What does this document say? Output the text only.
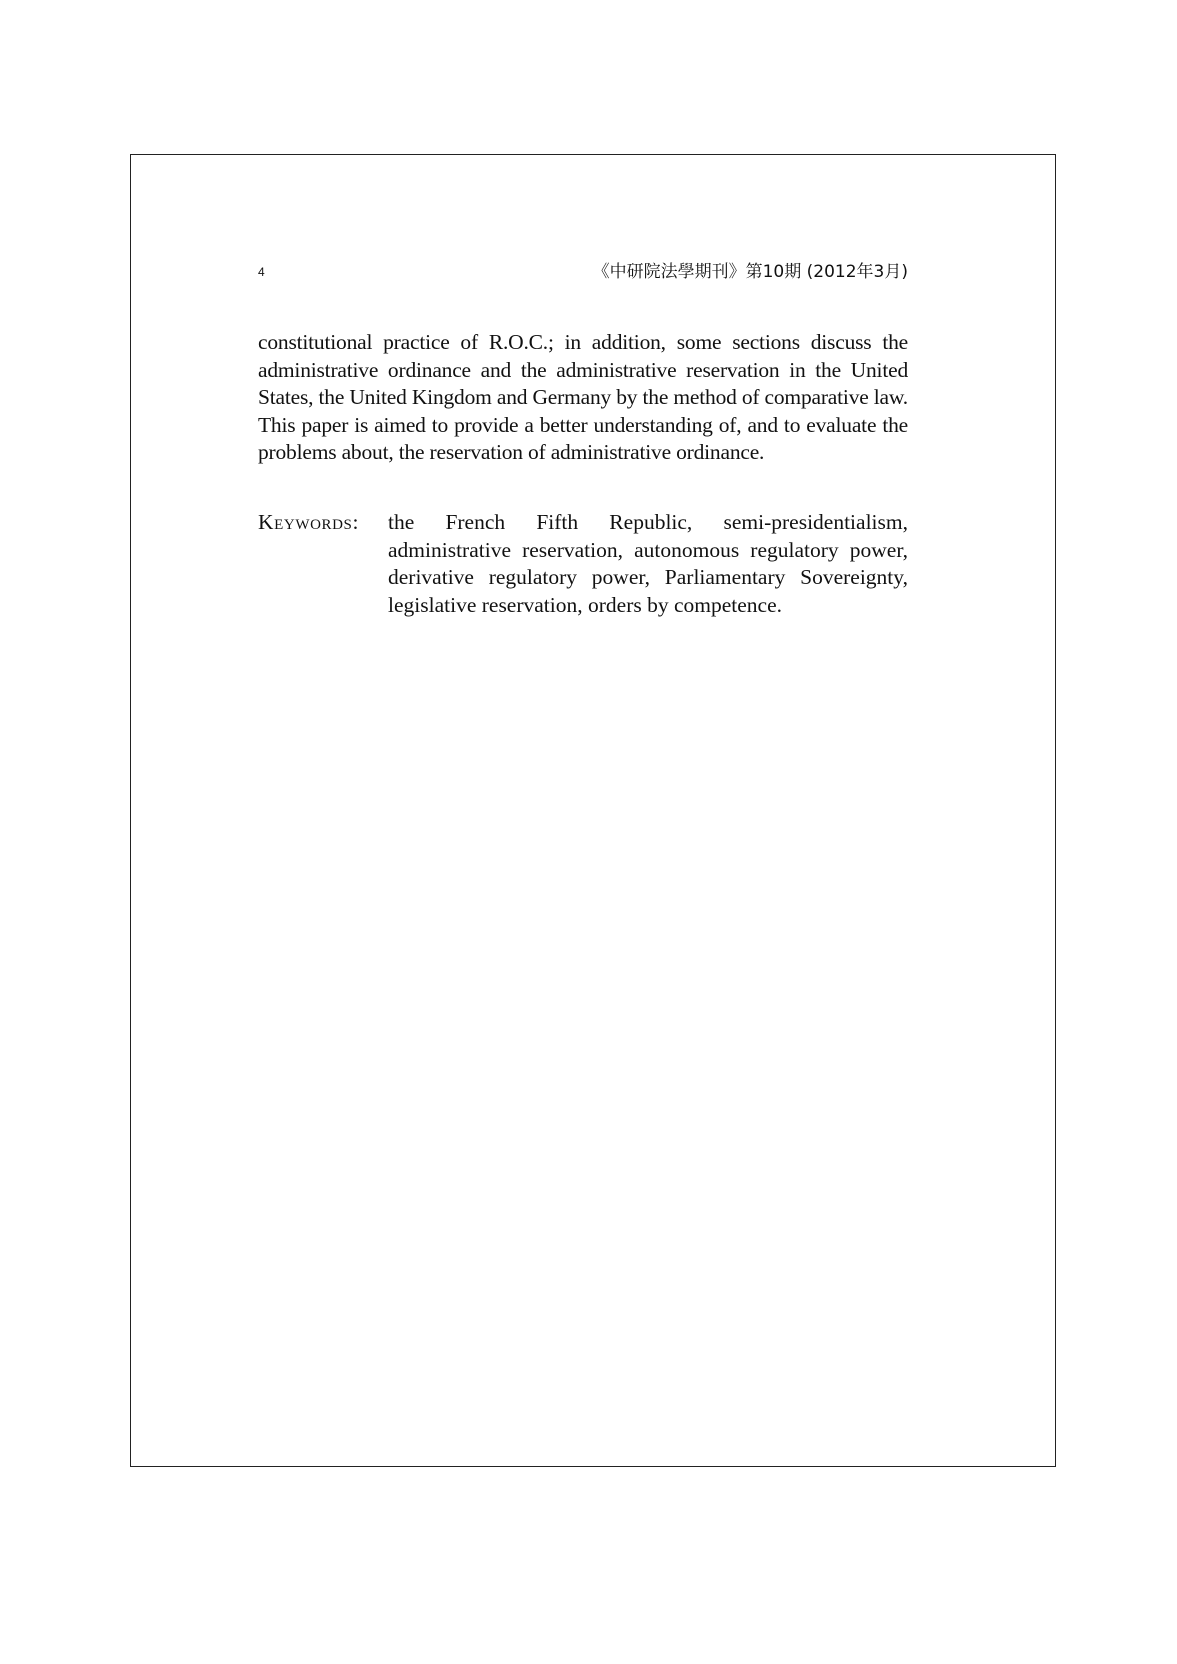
4	《中研院法學期刊》第10期 (2012年3月)

constitutional practice of R.O.C.; in addition, some sections discuss the administrative ordinance and the administrative reservation in the United States, the United Kingdom and Germany by the method of comparative law. This paper is aimed to provide a better understanding of, and to evaluate the problems about, the reservation of administrative ordinance.

Keywords: the French Fifth Republic, semi-presidentialism, administrative reservation, autonomous regulatory power, derivative regulatory power, Parliamentary Sovereignty, legislative reservation, orders by competence.
